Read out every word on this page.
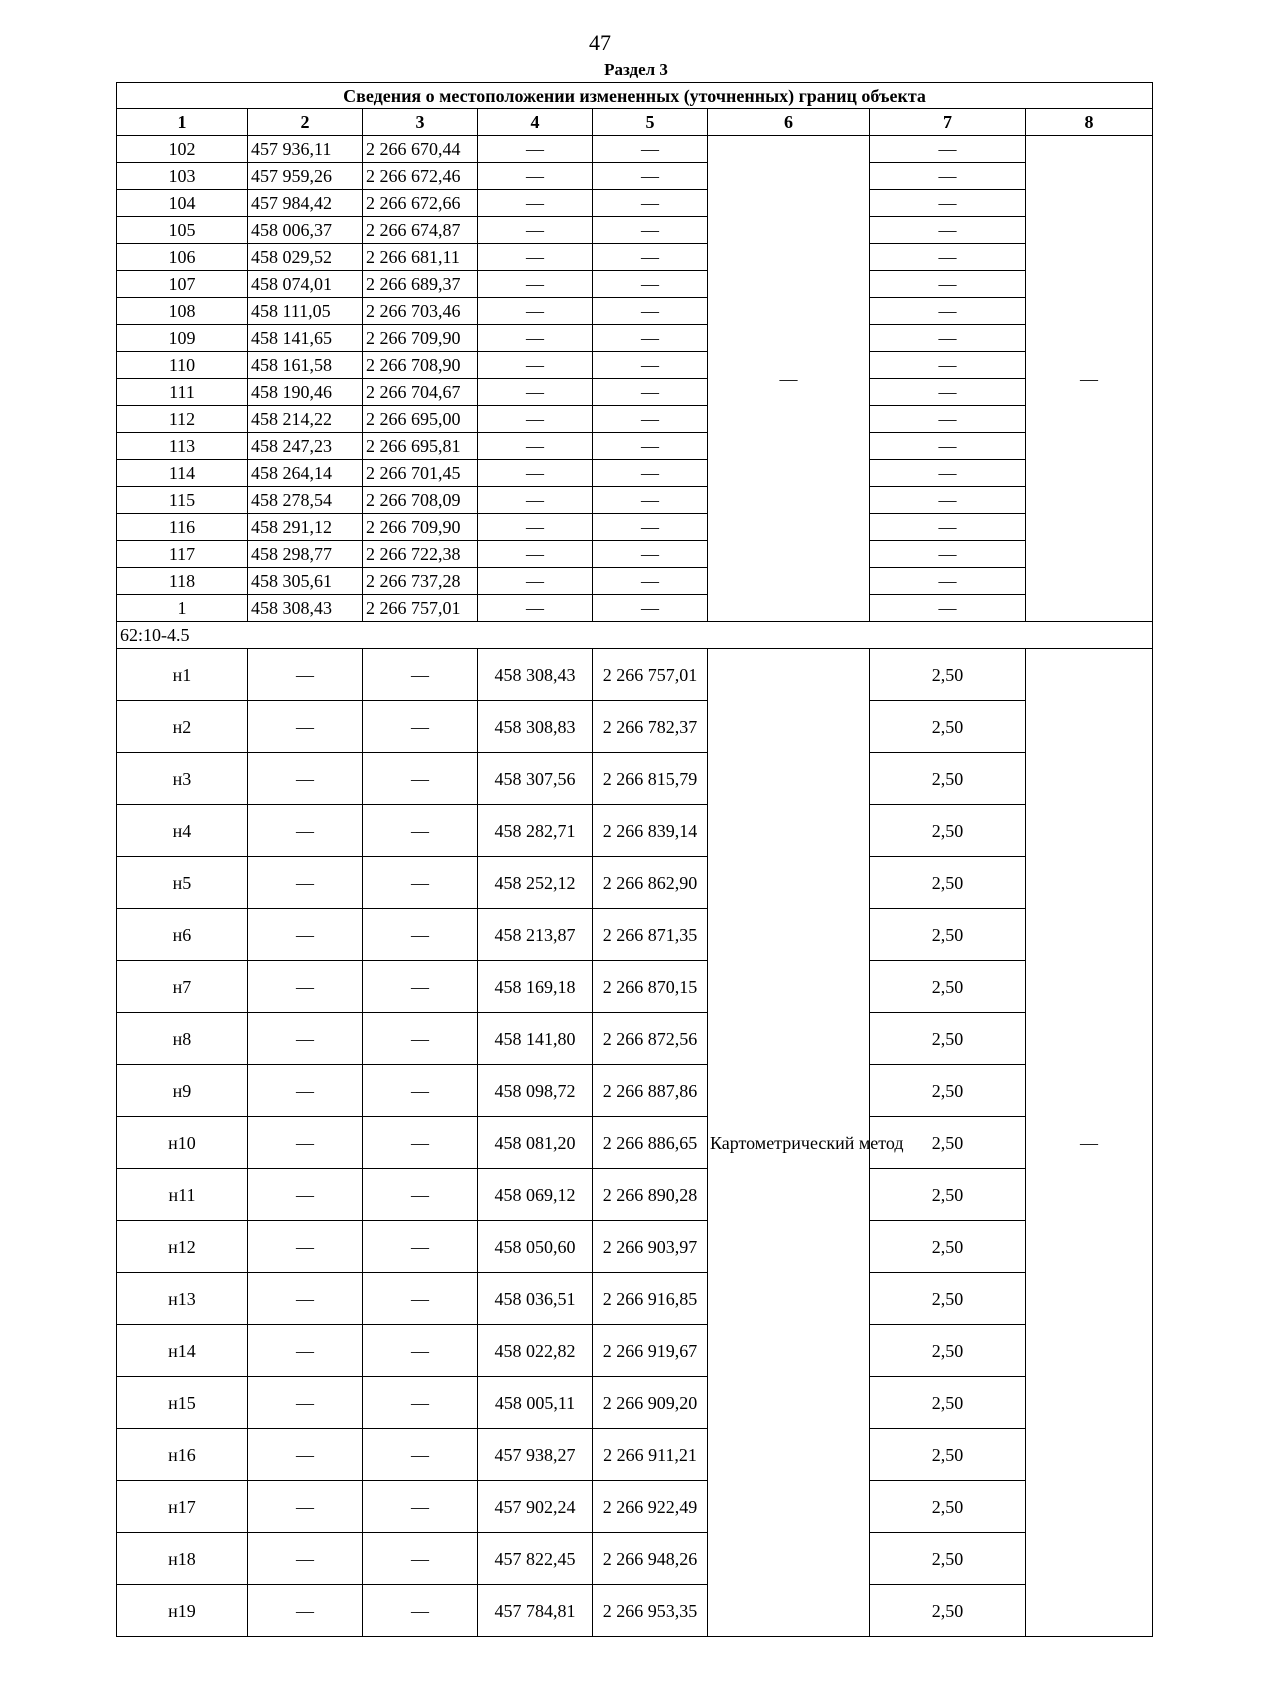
47
Раздел 3
Сведения о местоположении измененных (уточненных) границ объекта							
1	2	3	4	5	6	7	8
102	457 936,11	2 266 670,44	—	—	—	—	—
103	457 959,26	2 266 672,46	—	—		—	
104	457 984,42	2 266 672,66	—	—		—	
105	458 006,37	2 266 674,87	—	—		—	
106	458 029,52	2 266 681,11	—	—		—	
107	458 074,01	2 266 689,37	—	—		—	
108	458 111,05	2 266 703,46	—	—		—	
109	458 141,65	2 266 709,90	—	—		—	
110	458 161,58	2 266 708,90	—	—		—	
111	458 190,46	2 266 704,67	—	—		—	
112	458 214,22	2 266 695,00	—	—		—	
113	458 247,23	2 266 695,81	—	—		—	
114	458 264,14	2 266 701,45	—	—		—	
115	458 278,54	2 266 708,09	—	—		—	
116	458 291,12	2 266 709,90	—	—		—	
117	458 298,77	2 266 722,38	—	—		—	
118	458 305,61	2 266 737,28	—	—		—	
1	458 308,43	2 266 757,01	—	—		—	
62:10-4.5							
н1	—	—	458 308,43	2 266 757,01	Картометрический метод	2,50	—
н2	—	—	458 308,83	2 266 782,37		2,50	
н3	—	—	458 307,56	2 266 815,79		2,50	
н4	—	—	458 282,71	2 266 839,14		2,50	
н5	—	—	458 252,12	2 266 862,90		2,50	
н6	—	—	458 213,87	2 266 871,35		2,50	
н7	—	—	458 169,18	2 266 870,15		2,50	
н8	—	—	458 141,80	2 266 872,56		2,50	
н9	—	—	458 098,72	2 266 887,86		2,50	
н10	—	—	458 081,20	2 266 886,65		2,50	
н11	—	—	458 069,12	2 266 890,28		2,50	
н12	—	—	458 050,60	2 266 903,97		2,50	
н13	—	—	458 036,51	2 266 916,85		2,50	
н14	—	—	458 022,82	2 266 919,67		2,50	
н15	—	—	458 005,11	2 266 909,20		2,50	
н16	—	—	457 938,27	2 266 911,21		2,50	
н17	—	—	457 902,24	2 266 922,49		2,50	
н18	—	—	457 822,45	2 266 948,26		2,50	
н19	—	—	457 784,81	2 266 953,35		2,50	
